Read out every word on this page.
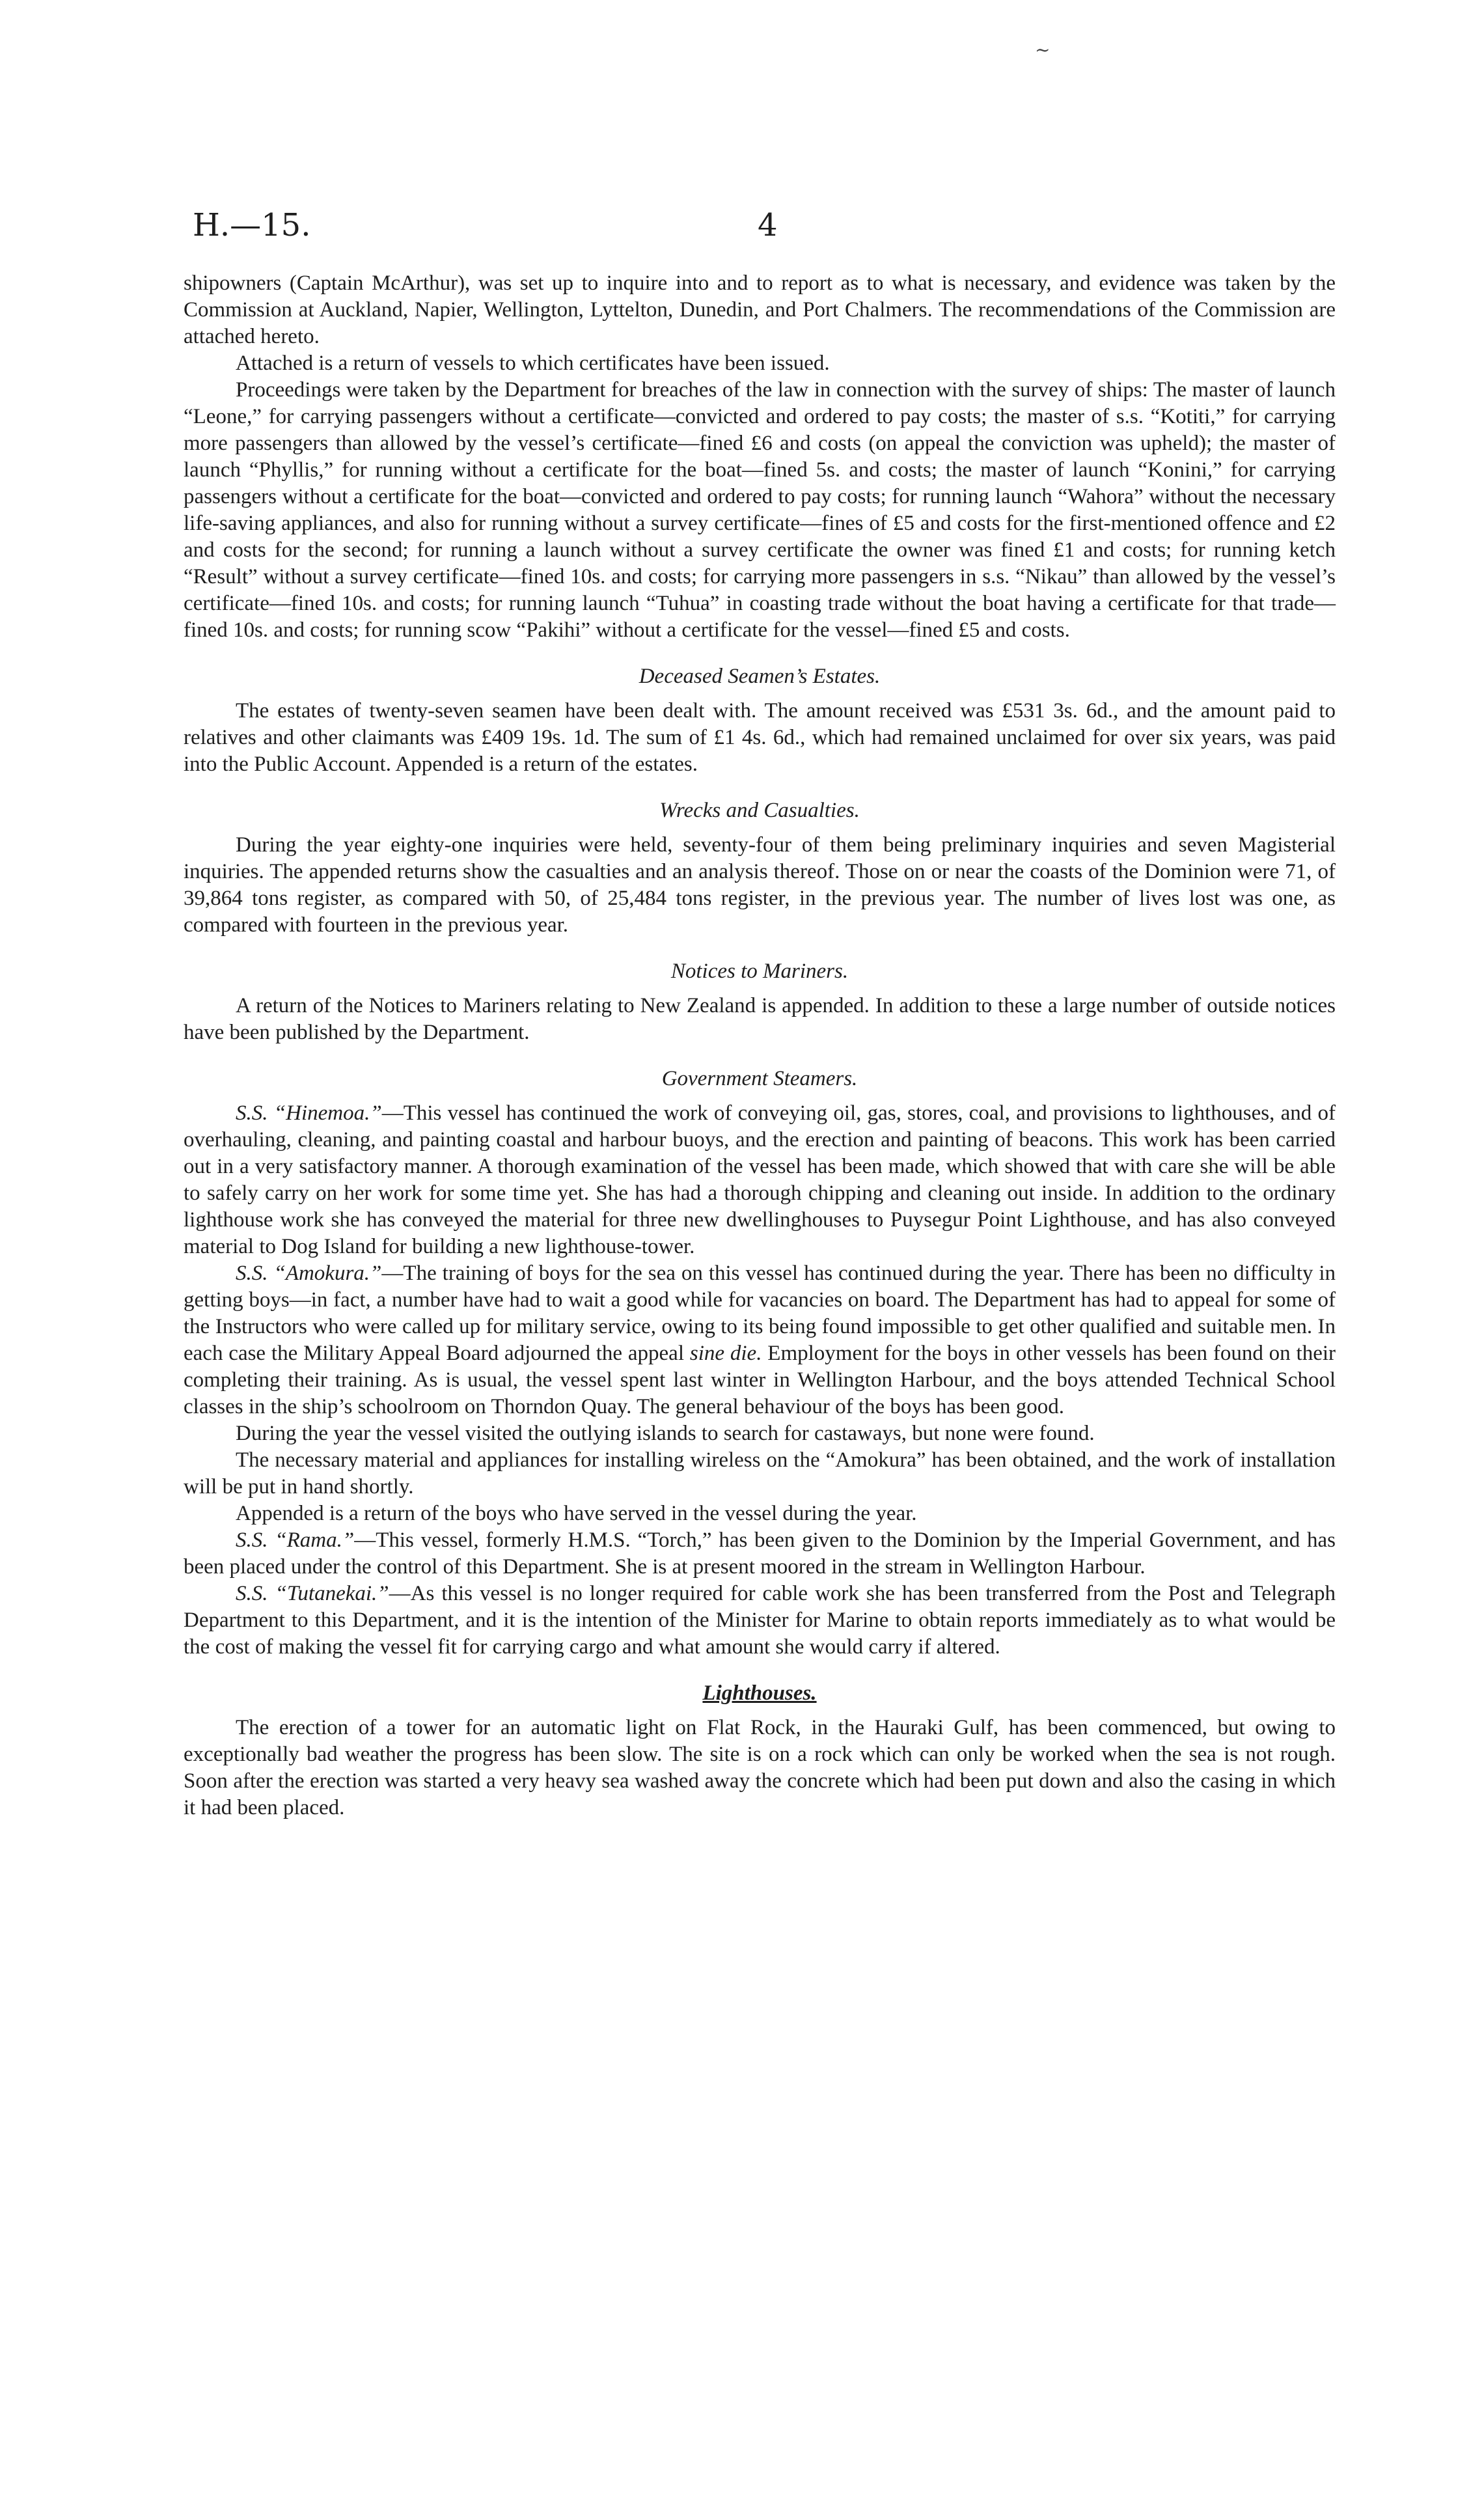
~
H.—15.	4

shipowners (Captain McArthur), was set up to inquire into and to report as to what is necessary, and evidence was taken by the Commission at Auckland, Napier, Wellington, Lyttelton, Dunedin, and Port Chalmers. The recommendations of the Commission are attached hereto.

Attached is a return of vessels to which certificates have been issued.

Proceedings were taken by the Department for breaches of the law in connection with the survey of ships: The master of launch “Leone,” for carrying passengers without a certificate—convicted and ordered to pay costs; the master of s.s. “Kotiti,” for carrying more passengers than allowed by the vessel’s certificate—fined £6 and costs (on appeal the conviction was upheld); the master of launch “Phyllis,” for running without a certificate for the boat—fined 5s. and costs; the master of launch “Konini,” for carrying passengers without a certificate for the boat—convicted and ordered to pay costs; for running launch “Wahora” without the necessary life-saving appliances, and also for running without a survey certificate—fines of £5 and costs for the first-mentioned offence and £2 and costs for the second; for running a launch without a survey certificate the owner was fined £1 and costs; for running ketch “Result” without a survey certificate—fined 10s. and costs; for carrying more passengers in s.s. “Nikau” than allowed by the vessel’s certificate—fined 10s. and costs; for running launch “Tuhua” in coasting trade without the boat having a certificate for that trade—fined 10s. and costs; for running scow “Pakihi” without a certificate for the vessel—fined £5 and costs.

Deceased Seamen’s Estates.

The estates of twenty-seven seamen have been dealt with. The amount received was £531 3s. 6d., and the amount paid to relatives and other claimants was £409 19s. 1d. The sum of £1 4s. 6d., which had remained unclaimed for over six years, was paid into the Public Account. Appended is a return of the estates.

Wrecks and Casualties.

During the year eighty-one inquiries were held, seventy-four of them being preliminary inquiries and seven Magisterial inquiries. The appended returns show the casualties and an analysis thereof. Those on or near the coasts of the Dominion were 71, of 39,864 tons register, as compared with 50, of 25,484 tons register, in the previous year. The number of lives lost was one, as compared with fourteen in the previous year.

Notices to Mariners.

A return of the Notices to Mariners relating to New Zealand is appended. In addition to these a large number of outside notices have been published by the Department.

Government Steamers.

S.S. “Hinemoa.”—This vessel has continued the work of conveying oil, gas, stores, coal, and provisions to lighthouses, and of overhauling, cleaning, and painting coastal and harbour buoys, and the erection and painting of beacons. This work has been carried out in a very satisfactory manner. A thorough examination of the vessel has been made, which showed that with care she will be able to safely carry on her work for some time yet. She has had a thorough chipping and cleaning out inside. In addition to the ordinary lighthouse work she has conveyed the material for three new dwellinghouses to Puysegur Point Lighthouse, and has also conveyed material to Dog Island for building a new lighthouse-tower.

S.S. “Amokura.”—The training of boys for the sea on this vessel has continued during the year. There has been no difficulty in getting boys—in fact, a number have had to wait a good while for vacancies on board. The Department has had to appeal for some of the Instructors who were called up for military service, owing to its being found impossible to get other qualified and suitable men. In each case the Military Appeal Board adjourned the appeal sine die. Employment for the boys in other vessels has been found on their completing their training. As is usual, the vessel spent last winter in Wellington Harbour, and the boys attended Technical School classes in the ship’s schoolroom on Thorndon Quay. The general behaviour of the boys has been good.

During the year the vessel visited the outlying islands to search for castaways, but none were found.

The necessary material and appliances for installing wireless on the “Amokura” has been obtained, and the work of installation will be put in hand shortly.

Appended is a return of the boys who have served in the vessel during the year.

S.S. “Rama.”—This vessel, formerly H.M.S. “Torch,” has been given to the Dominion by the Imperial Government, and has been placed under the control of this Department. She is at present moored in the stream in Wellington Harbour.

S.S. “Tutanekai.”—As this vessel is no longer required for cable work she has been transferred from the Post and Telegraph Department to this Department, and it is the intention of the Minister for Marine to obtain reports immediately as to what would be the cost of making the vessel fit for carrying cargo and what amount she would carry if altered.

Lighthouses.

The erection of a tower for an automatic light on Flat Rock, in the Hauraki Gulf, has been commenced, but owing to exceptionally bad weather the progress has been slow. The site is on a rock which can only be worked when the sea is not rough. Soon after the erection was started a very heavy sea washed away the concrete which had been put down and also the casing in which it had been placed.
